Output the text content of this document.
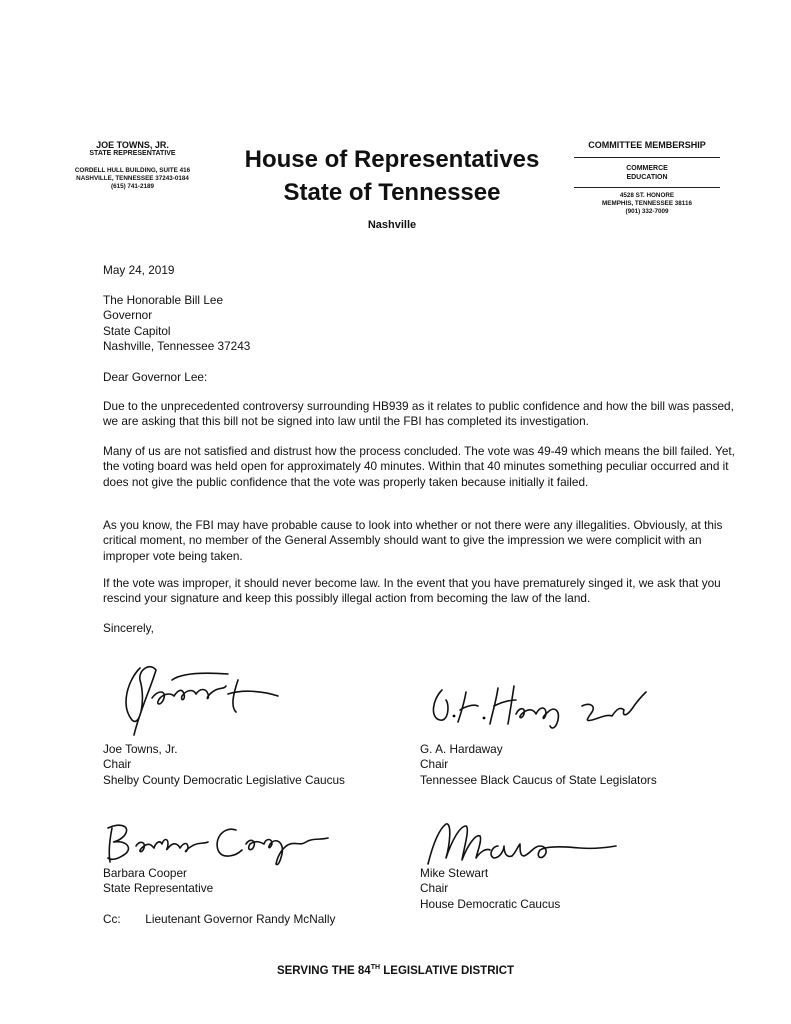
JOE TOWNS, JR.
STATE REPRESENTATIVE
CORDELL HULL BUILDING, SUITE 416
NASHVILLE, TENNESSEE 37243-0184
(615) 741-2189
House of Representatives
State of Tennessee
Nashville
COMMITTEE MEMBERSHIP
COMMERCE
EDUCATION
4528 ST. HONORE
MEMPHIS, TENNESSEE 38116
(901) 332-7009
May 24, 2019
The Honorable Bill Lee
Governor
State Capitol
Nashville, Tennessee 37243
Dear Governor Lee:

Due to the unprecedented controversy surrounding HB939 as it relates to public confidence and how the bill was passed, we are asking that this bill not be signed into law until the FBI has completed its investigation.

Many of us are not satisfied and distrust how the process concluded. The vote was 49-49 which means the bill failed. Yet, the voting board was held open for approximately 40 minutes. Within that 40 minutes something peculiar occurred and it does not give the public confidence that the vote was properly taken because initially it failed.

As you know, the FBI may have probable cause to look into whether or not there were any illegalities. Obviously, at this critical moment, no member of the General Assembly should want to give the impression we were complicit with an improper vote being taken.

If the vote was improper, it should never become law. In the event that you have prematurely singed it, we ask that you rescind your signature and keep this possibly illegal action from becoming the law of the land.

Sincerely,
Joe Towns, Jr.
Chair
Shelby County Democratic Legislative Caucus
G. A. Hardaway
Chair
Tennessee Black Caucus of State Legislators
Barbara Cooper
State Representative
Mike Stewart
Chair
House Democratic Caucus
Cc: Lieutenant Governor Randy McNally
SERVING THE 84TH LEGISLATIVE DISTRICT
